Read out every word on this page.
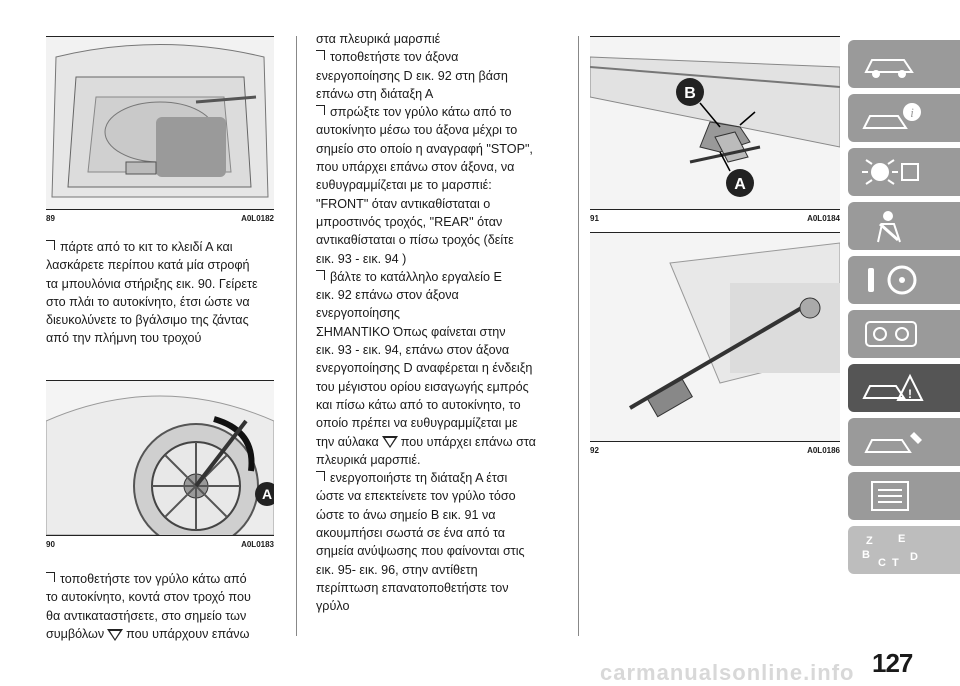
89	A0L0182

πάρτε από το κιτ το κλειδί Α και

λασκάρετε περίπου κατά μία στροφή

τα μπουλόνια στήριξης εικ. 90. Γείρετε

στο πλάι το αυτοκίνητο, έτσι ώστε να

διευκολύνετε το βγάλσιμο της ζάντας

από την πλήμνη του τροχού

A
90	A0L0183

τοποθετήστε τον γρύλο κάτω από

το αυτοκίνητο, κοντά στον τροχό που

θα αντικαταστήσετε, στο σημείο των

συμβόλων που υπάρχουν επάνω

στα πλευρικά μαρσπιέ

τοποθετήστε τον άξονα

ενεργοποίησης D εικ. 92 στη βάση

επάνω στη διάταξη Α

σπρώξτε τον γρύλο κάτω από το

αυτοκίνητο μέσω του άξονα μέχρι το

σημείο στο οποίο η αναγραφή "STOP",

που υπάρχει επάνω στον άξονα, να

ευθυγραμμίζεται με το μαρσπιέ:

"FRONT" όταν αντικαθίσταται ο

μπροστινός τροχός, "REAR" όταν

αντικαθίσταται ο πίσω τροχός (δείτε

εικ. 93 - εικ. 94 )

βάλτε το κατάλληλο εργαλείο Ε

εικ. 92 επάνω στον άξονα

ενεργοποίησης

ΣΗΜΑΝΤΙΚΟ Όπως φαίνεται στην

εικ. 93 - εικ. 94, επάνω στον άξονα

ενεργοποίησης D αναφέρεται η ένδειξη

του μέγιστου ορίου εισαγωγής εμπρός

και πίσω κάτω από το αυτοκίνητο, το

οποίο πρέπει να ευθυγραμμίζεται με

την αύλακα που υπάρχει επάνω στα

πλευρικά μαρσπιέ.

ενεργοποιήστε τη διάταξη Α έτσι

ώστε να επεκτείνετε τον γρύλο τόσο

ώστε το άνω σημείο Β εικ. 91 να

ακουμπήσει σωστά σε ένα από τα

σημεία ανύψωσης που φαίνονται στις

εικ. 95- εικ. 96, στην αντίθετη

περίπτωση επανατοποθετήστε τον

γρύλο

B
A
91	A0L0184
92	A0L0186
i
!
Z E
B
C T D
carmanualsonline.info 127
